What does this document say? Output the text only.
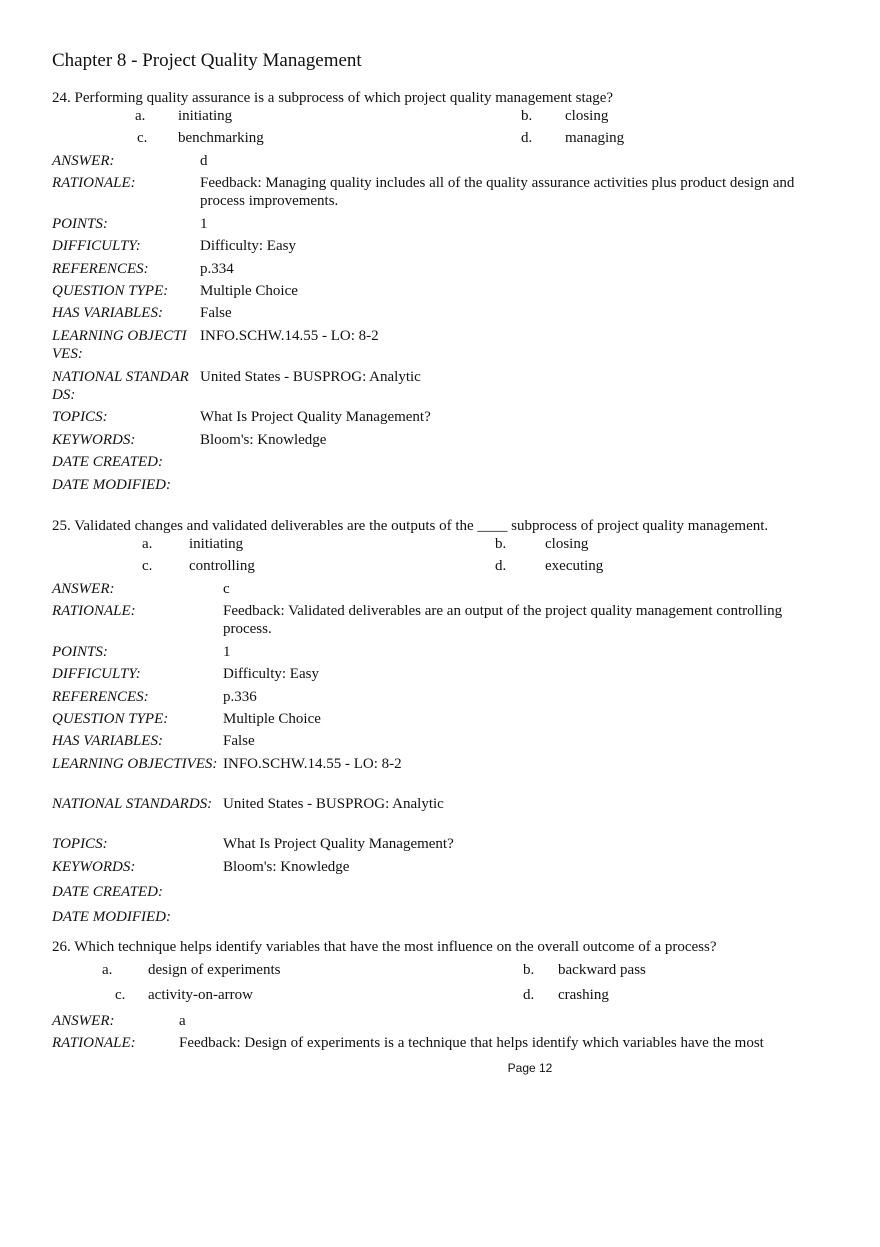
Chapter 8 - Project Quality Management

24. Performing quality assurance is a subprocess of which project quality management stage?

a. initiating	b. closing
c. benchmarking	d. managing
ANSWER:	d
RATIONALE:	Feedback: Managing quality includes all of the quality assurance activities plus product design and process improvements.
POINTS:	1
DIFFICULTY:	Difficulty: Easy
REFERENCES:	p.334
QUESTION TYPE: Multiple Choice
HAS VARIABLES: False
LEARNING OBJECTIVES:
INFO.SCHW.14.55 - LO: 8-2
NATIONAL STANDARDS:
United States - BUSPROG: Analytic
TOPICS:	What Is Project Quality Management?
KEYWORDS:	Bloom's: Knowledge
DATE CREATED:
DATE MODIFIED:

25. Validated changes and validated deliverables are the outputs of the ____ subprocess of project quality management.

a. initiating	b.	closing
c. controlling	d.	executing
ANSWER:	c
RATIONALE:	Feedback: Validated deliverables are an output of the project quality management controlling process.
POINTS:	1
DIFFICULTY:	Difficulty: Easy
REFERENCES:	p.336
QUESTION TYPE:	Multiple Choice
HAS VARIABLES:	False
LEARNING OBJECTIVES: INFO.SCHW.14.55 - LO: 8-2
NATIONAL STANDARDS: United States - BUSPROG: Analytic
TOPICS:	What Is Project Quality Management?
KEYWORDS:	Bloom's: Knowledge
DATE CREATED:
DATE MODIFIED:

26. Which technique helps identify variables that have the most influence on the overall outcome of a process?

a. design of experiments	b. backward pass
c. activity-on-arrow	d. crashing
ANSWER:	a
RATIONALE:	Feedback: Design of experiments is a technique that helps identify which variables have the most
Page 12
